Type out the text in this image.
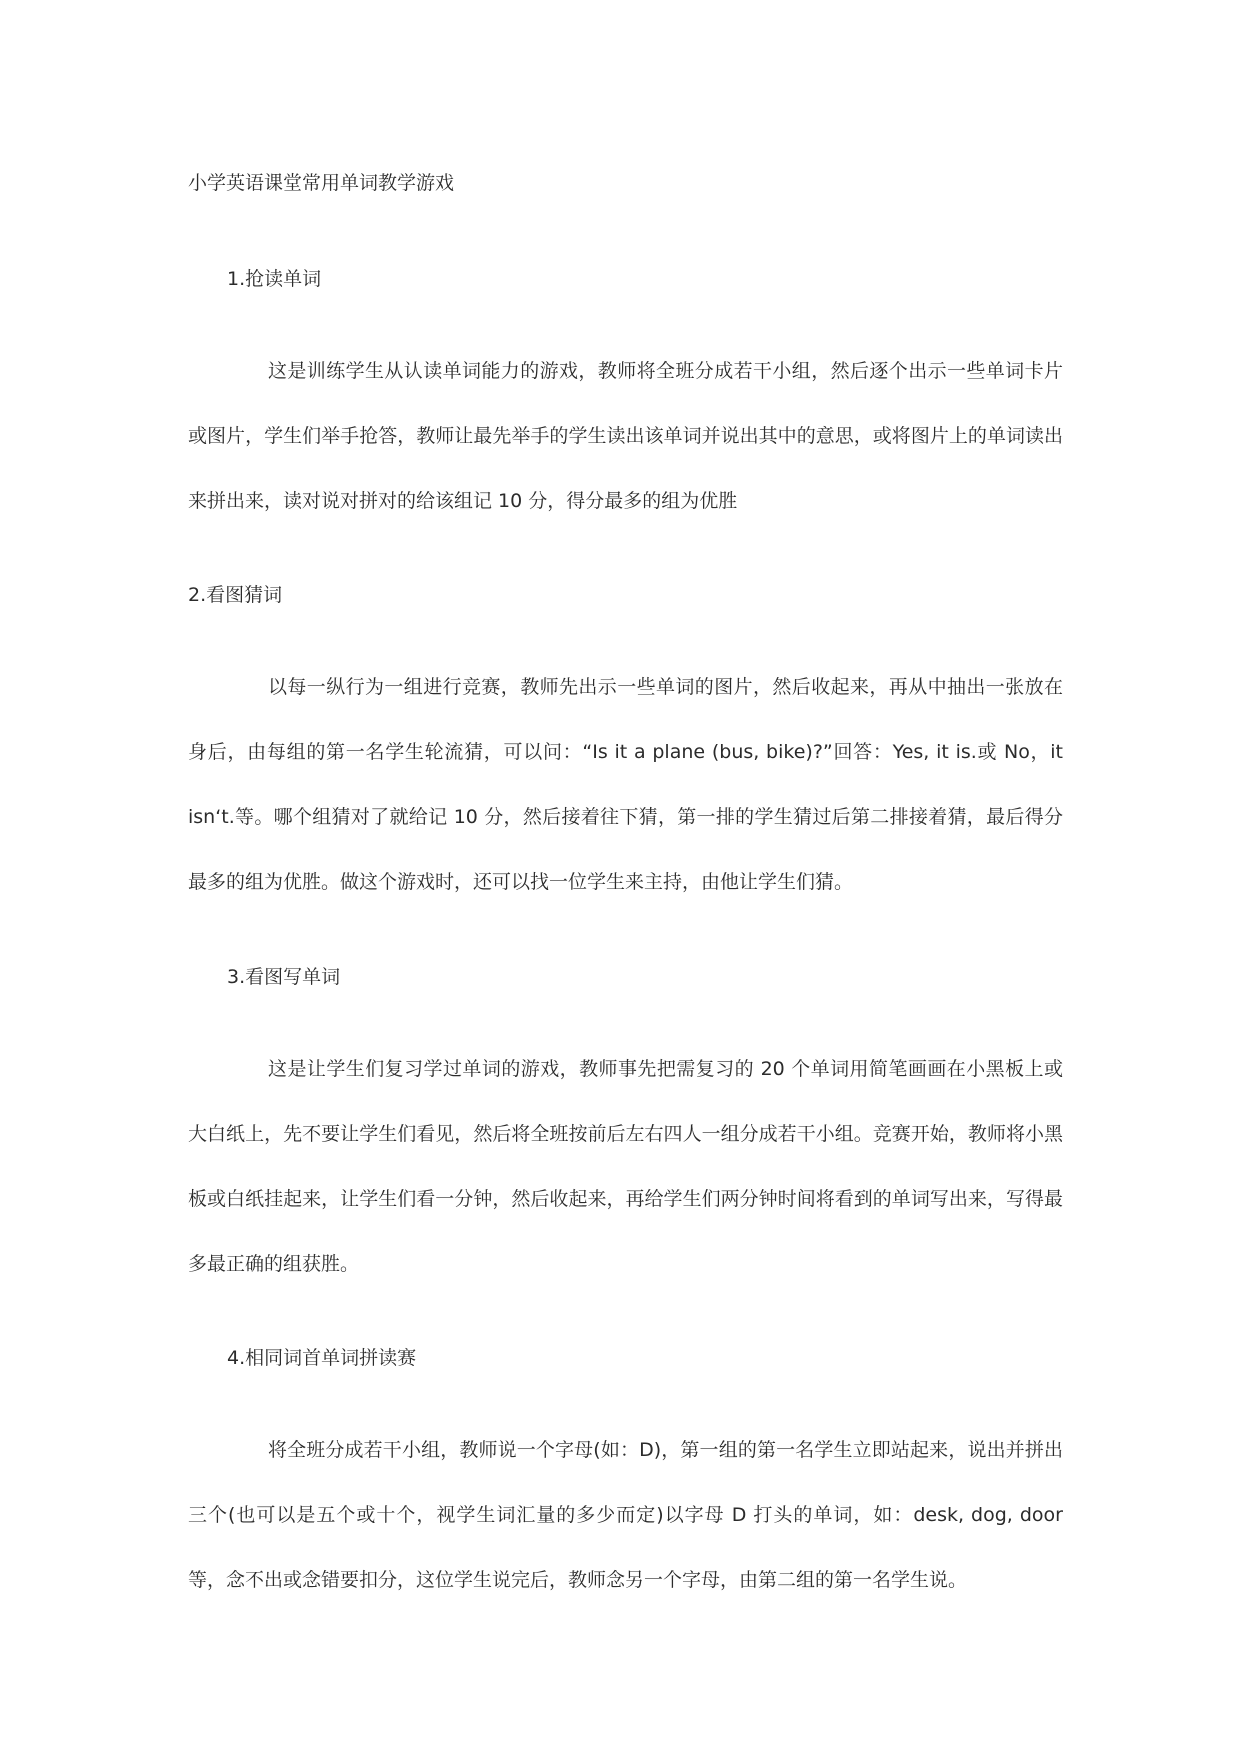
小学英语课堂常用单词教学游戏
1.抢读单词

这是训练学生从认读单词能力的游戏，教师将全班分成若干小组，然后逐个出示一些单词卡片或图片，学生们举手抢答，教师让最先举手的学生读出该单词并说出其中的意思，或将图片上的单词读出来拼出来，读对说对拼对的给该组记 10 分，得分最多的组为优胜

2.看图猜词

以每一纵行为一组进行竞赛，教师先出示一些单词的图片，然后收起来，再从中抽出一张放在身后，由每组的第一名学生轮流猜，可以问：“Is it a plane (bus, bike)?”回答：Yes, it is.或 No，it isn‘t.等。哪个组猜对了就给记 10 分，然后接着往下猜，第一排的学生猜过后第二排接着猜，最后得分最多的组为优胜。做这个游戏时，还可以找一位学生来主持，由他让学生们猜。

3.看图写单词

这是让学生们复习学过单词的游戏，教师事先把需复习的 20 个单词用简笔画画在小黑板上或大白纸上，先不要让学生们看见，然后将全班按前后左右四人一组分成若干小组。竞赛开始，教师将小黑板或白纸挂起来，让学生们看一分钟，然后收起来，再给学生们两分钟时间将看到的单词写出来，写得最多最正确的组获胜。

4.相同词首单词拼读赛

将全班分成若干小组，教师说一个字母(如：D)，第一组的第一名学生立即站起来，说出并拼出三个(也可以是五个或十个，视学生词汇量的多少而定)以字母 D 打头的单词，如：desk, dog, door 等，念不出或念错要扣分，这位学生说完后，教师念另一个字母，由第二组的第一名学生说。
